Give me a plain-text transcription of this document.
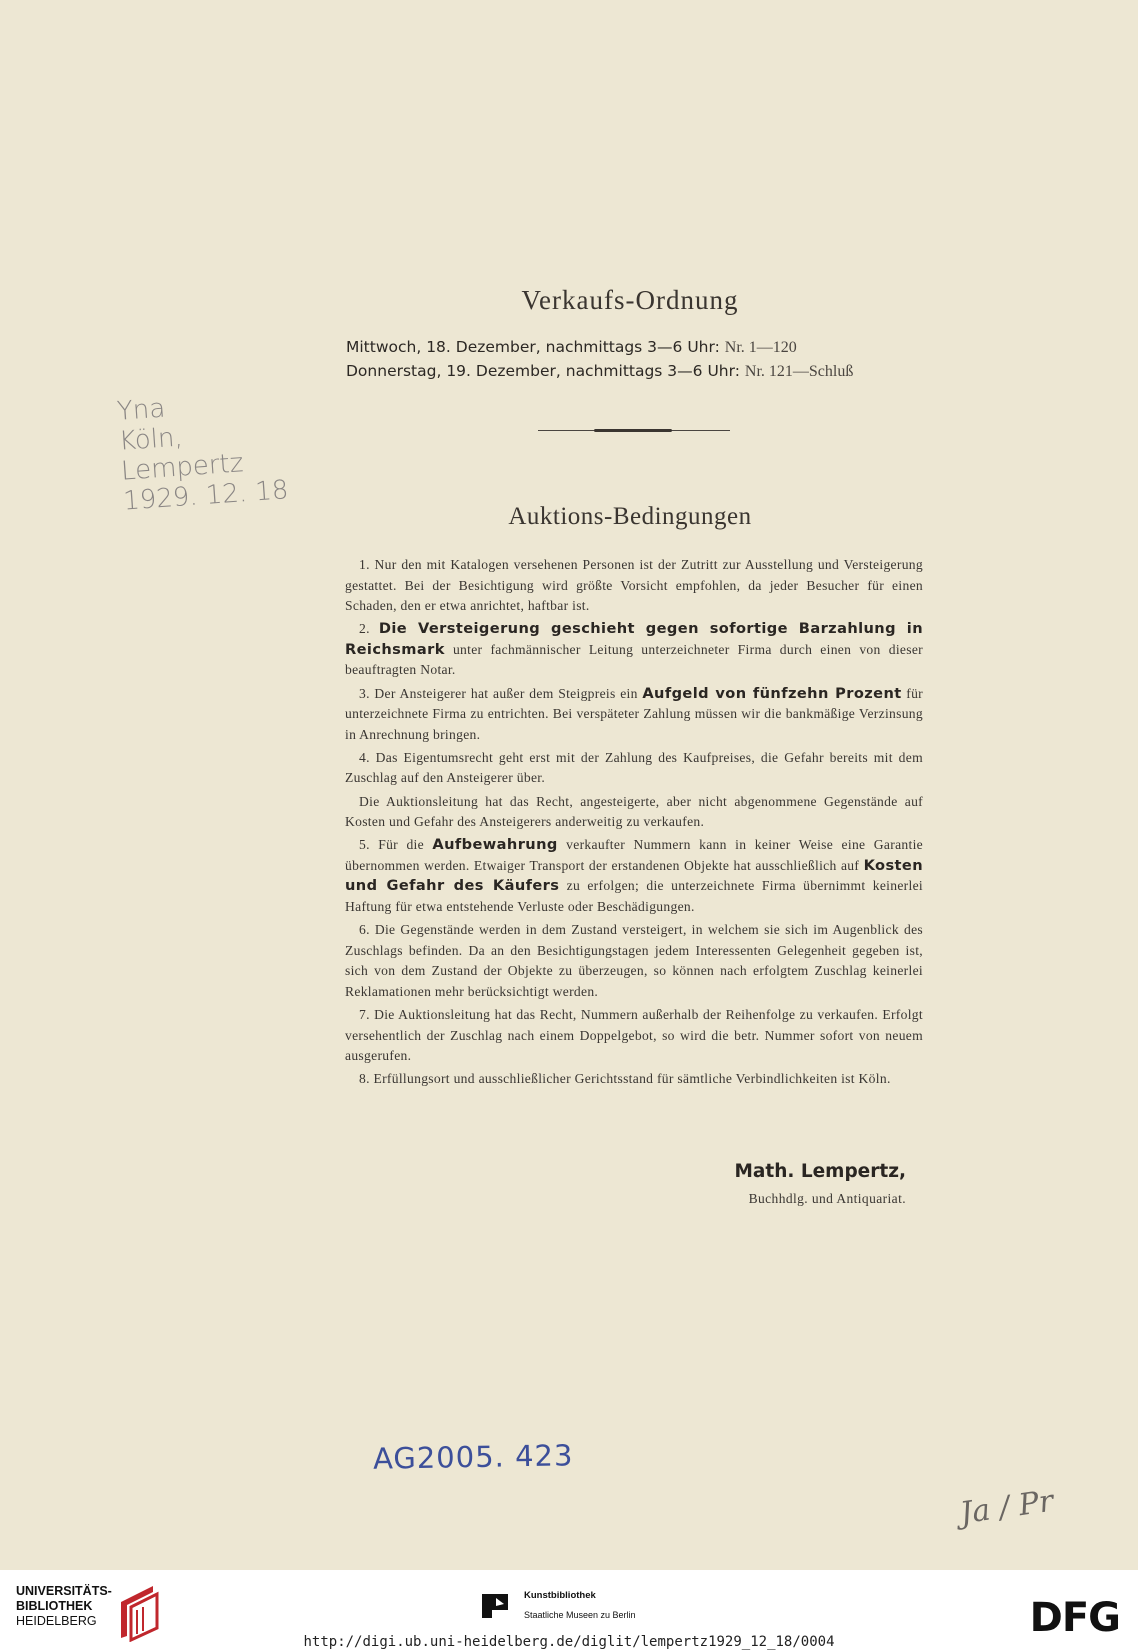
Verkaufs-Ordnung
Mittwoch, 18. Dezember, nachmittags 3—6 Uhr: Nr. 1—120
Donnerstag, 19. Dezember, nachmittags 3—6 Uhr: Nr. 121—Schluß
Auktions-Bedingungen

1. Nur den mit Katalogen versehenen Personen ist der Zutritt zur Ausstellung und Versteigerung gestattet. Bei der Besichtigung wird größte Vorsicht empfohlen, da jeder Besucher für einen Schaden, den er etwa anrichtet, haftbar ist.

2. Die Versteigerung geschieht gegen sofortige Barzahlung in Reichsmark unter fachmännischer Leitung unterzeichneter Firma durch einen von dieser beauftragten Notar.

3. Der Ansteigerer hat außer dem Steigpreis ein Aufgeld von fünfzehn Prozent für unterzeichnete Firma zu entrichten. Bei verspäteter Zahlung müssen wir die bankmäßige Verzinsung in Anrechnung bringen.

4. Das Eigentumsrecht geht erst mit der Zahlung des Kaufpreises, die Gefahr bereits mit dem Zuschlag auf den Ansteigerer über.

Die Auktionsleitung hat das Recht, angesteigerte, aber nicht abgenommene Gegenstände auf Kosten und Gefahr des Ansteigerers anderweitig zu verkaufen.

5. Für die Aufbewahrung verkaufter Nummern kann in keiner Weise eine Garantie übernommen werden. Etwaiger Transport der erstandenen Objekte hat ausschließlich auf Kosten und Gefahr des Käufers zu erfolgen; die unterzeichnete Firma übernimmt keinerlei Haftung für etwa entstehende Verluste oder Beschädigungen.

6. Die Gegenstände werden in dem Zustand versteigert, in welchem sie sich im Augenblick des Zuschlags befinden. Da an den Besichtigungstagen jedem Interessenten Gelegenheit gegeben ist, sich von dem Zustand der Objekte zu überzeugen, so können nach erfolgtem Zuschlag keinerlei Reklamationen mehr berücksichtigt werden.

7. Die Auktionsleitung hat das Recht, Nummern außerhalb der Reihenfolge zu verkaufen. Erfolgt versehentlich der Zuschlag nach einem Doppelgebot, so wird die betr. Nummer sofort von neuem ausgerufen.

8. Erfüllungsort und ausschließlicher Gerichtsstand für sämtliche Verbindlichkeiten ist Köln.

Math. Lempertz,
Buchhdlg. und Antiquariat.
Yna
Köln,
Lempertz
1929. 12. 18
AG2005. 423
Ja / Pr
UNIVERSITÄTS-
BIBLIOTHEK
HEIDELBERG
Kunstbibliothek
Staatliche Museen zu Berlin	DFG
http://digi.ub.uni-heidelberg.de/diglit/lempertz1929_12_18/0004
